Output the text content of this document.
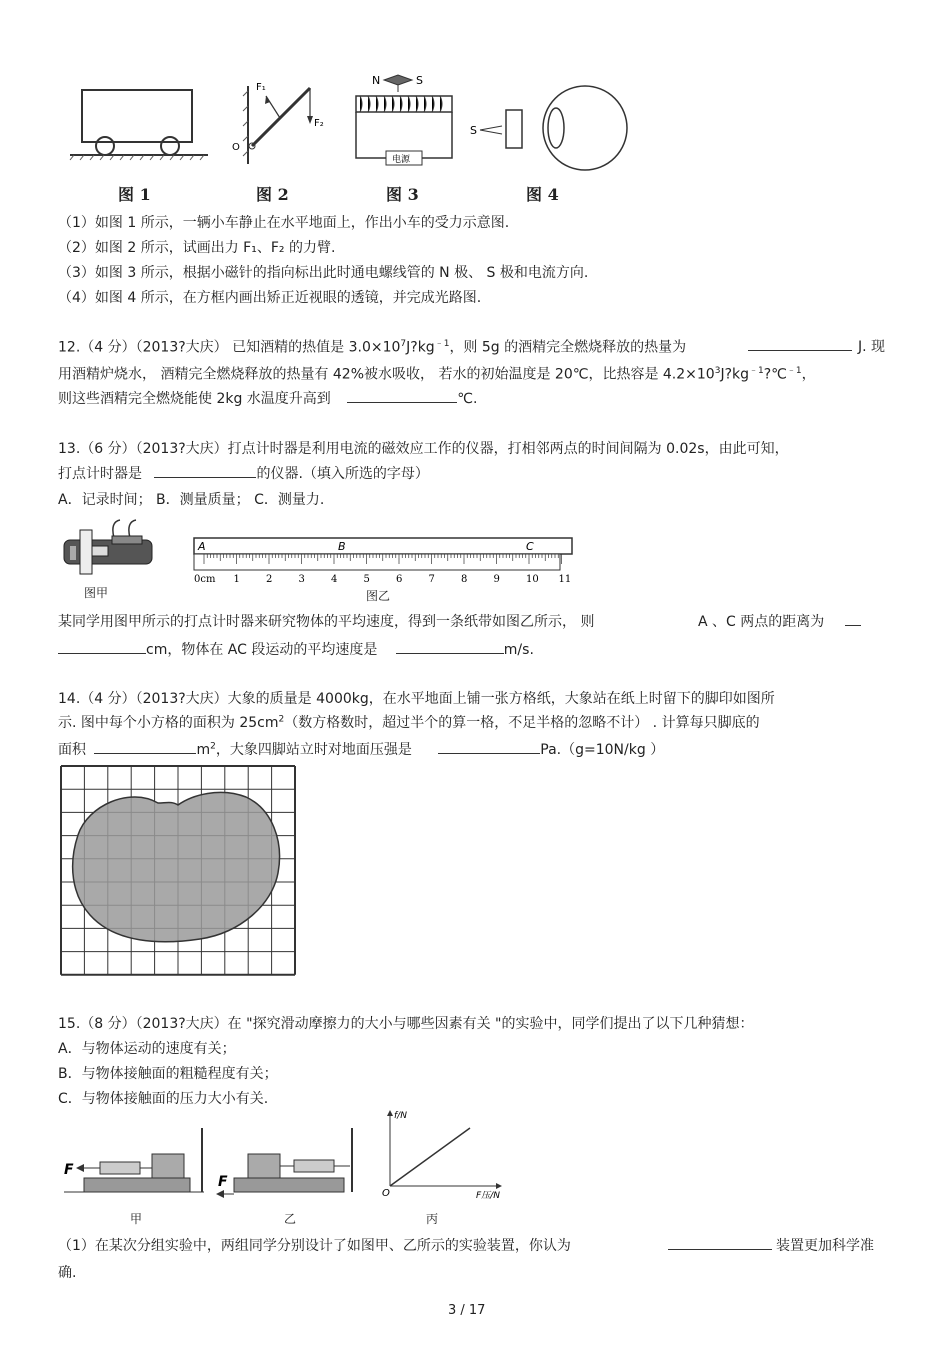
F₁
F₂
O
N	S
电源
S
图 1	图 2	图 3	图 4
（1）如图 1 所示，一辆小车静止在水平地面上，作出小车的受力示意图.
（2）如图 2 所示，试画出力 F₁、F₂ 的力臂.
（3）如图 3 所示，根据小磁针的指向标出此时通电螺线管的 N 极、 S 极和电流方向.
（4）如图 4 所示，在方框内画出矫正近视眼的透镜，并完成光路图.
12.（4 分）（2013?大庆） 已知酒精的热值是 $3.0\times 10^7J?kg^{﹣1}$，则 5g 的酒精完全燃烧释放的热量为	J. 现
用酒精炉烧水， 酒精完全燃烧释放的热量有 42%被水吸收， 若水的初始温度是 20℃，比热容是 $4.2\times 10^3J?kg^{﹣1}?℃^{﹣1}$，
则这些酒精完全燃烧能使 2kg 水温度升高到	℃.
13.（6 分）（2013?大庆）打点计时器是利用电流的磁效应工作的仪器，打相邻两点的时间间隔为 0.02s，由此可知，
打点计时器是	的仪器.（填入所选的字母）
A．记录时间； B．测量质量； C．测量力.
图甲
A	B	C
0cm 1	2	3	4	5	6	7	8	9	10 11
图乙
某同学用图甲所示的打点计时器来研究物体的平均速度，得到一条纸带如图乙所示， 则	A 、C 两点的距离为
cm，物体在 AC 段运动的平均速度是	m/s.
14.（4 分）（2013?大庆）大象的质量是 4000kg，在水平地面上铺一张方格纸，大象站在纸上时留下的脚印如图所
示. 图中每个小方格的面积为 $25cm^2$（数方格数时，超过半个的算一格，不足半格的忽略不计） . 计算每只脚底的
面积	$m^2$，大象四脚站立时对地面压强是	Pa.（g=10N/kg ）
15.（8 分）（2013?大庆）在 "探究滑动摩擦力的大小与哪些因素有关 "的实验中，同学们提出了以下几种猜想：
A．与物体运动的速度有关；
B．与物体接触面的粗糙程度有关；
C．与物体接触面的压力大小有关.
F
甲
F
乙
f/N
F压/N
O
丙
（1）在某次分组实验中，两组同学分别设计了如图甲、乙所示的实验装置，你认为	装置更加科学准
确.
3 / 17
